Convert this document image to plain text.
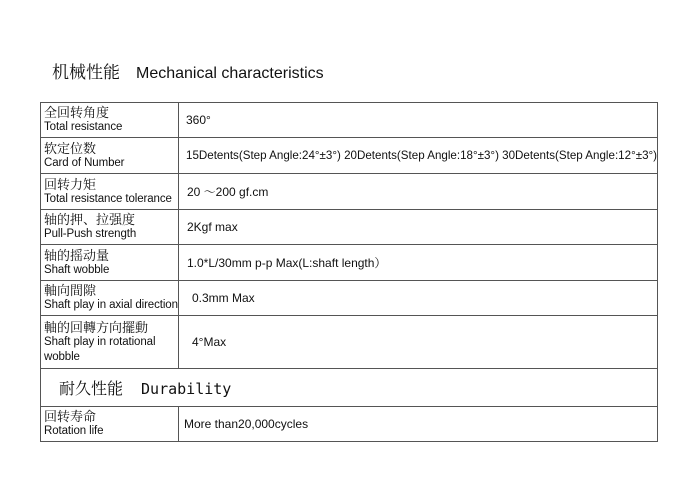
机械性能 Mechanical characteristics
全回转角度
Total resistance	360°

软定位数
Card of Number	15Detents(Step Angle:24°±3°) 20Detents(Step Angle:18°±3°) 30Detents(Step Angle:12°±3°)

回转力矩
Total resistance tolerance	20 ～200 gf.cm

轴的押、拉强度
Pull-Push strength	2Kgf max

轴的摇动量
Shaft wobble	1.0*L/30mm p-p Max(L:shaft length）

軸向間隙
Shaft play in axial direction	0.3mm Max

軸的回轉方向擺動
Shaft play in rotational wobble	4°Max
耐久性能 Durability	

回转寿命
Rotation life	More than20,000cycles
